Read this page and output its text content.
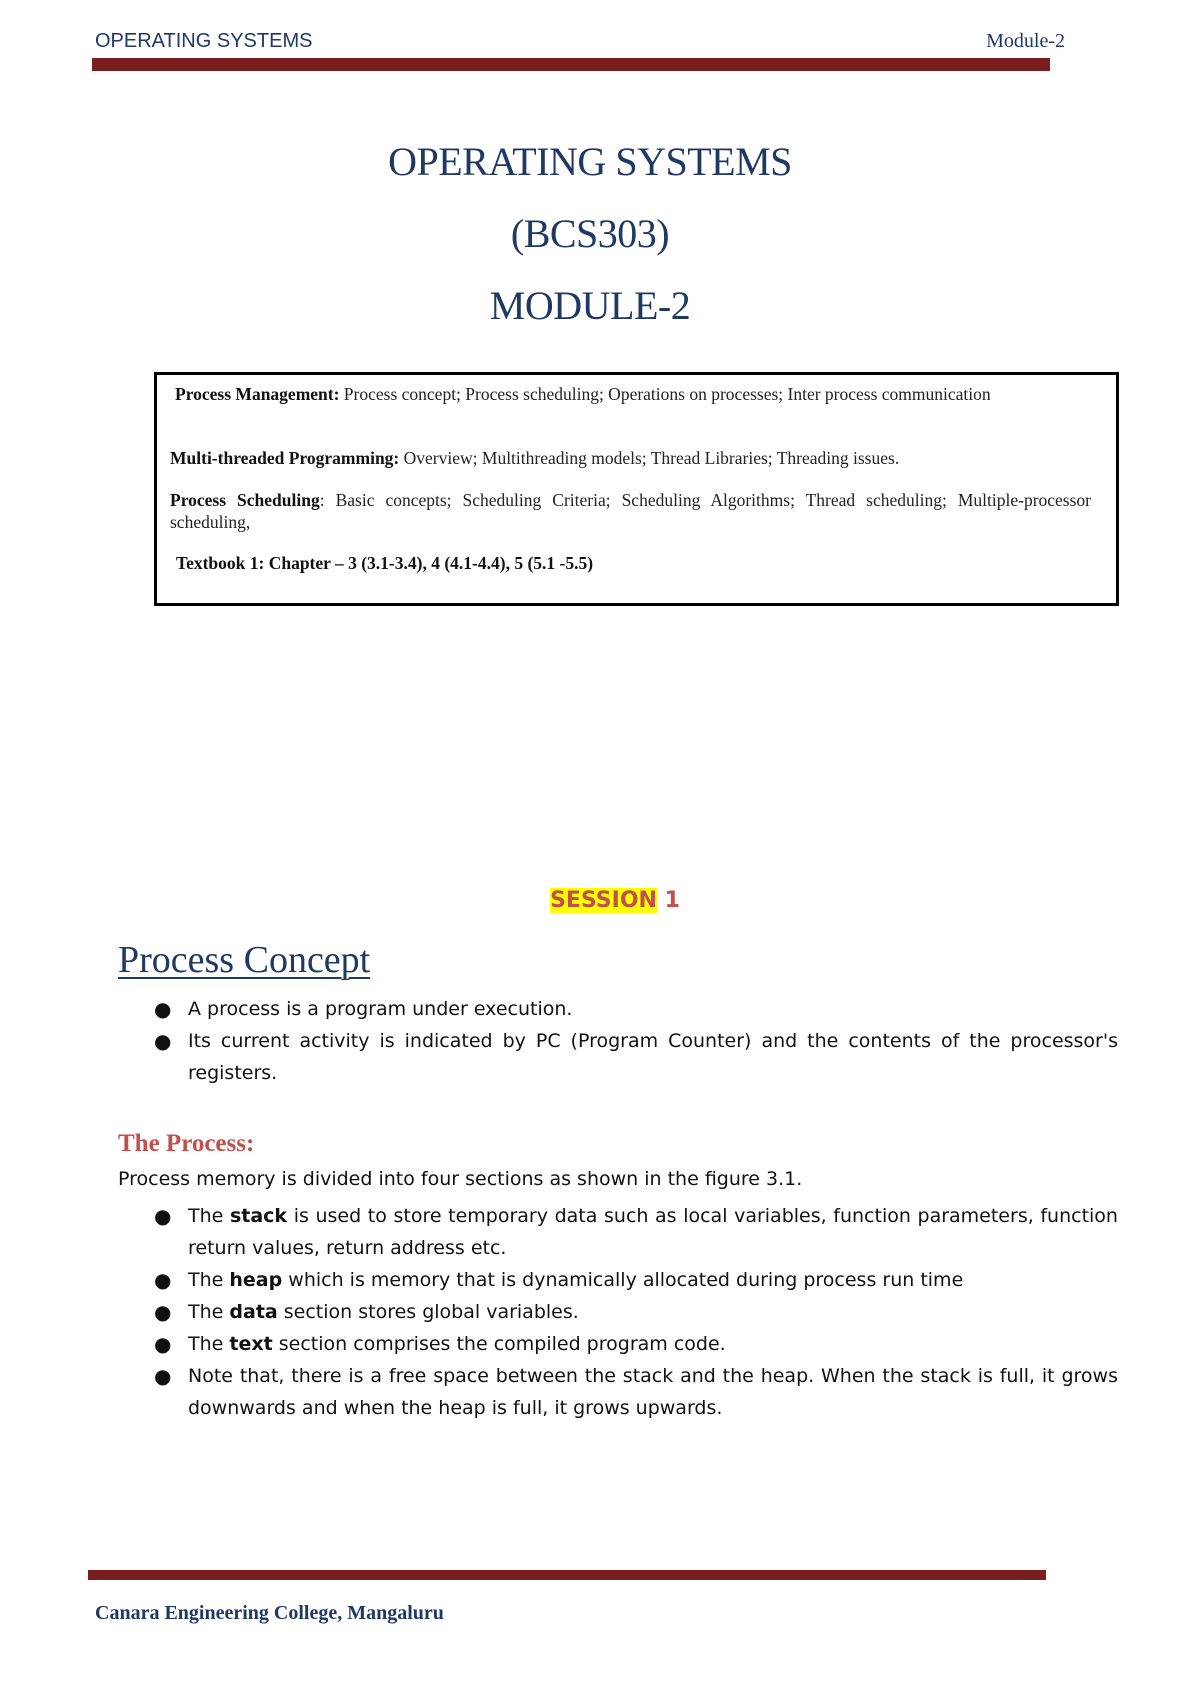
OPERATING SYSTEMS	Module-2
OPERATING SYSTEMS
(BCS303)
MODULE-2
Process Management: Process concept; Process scheduling; Operations on processes; Inter process communication
Multi-threaded Programming: Overview; Multithreading models; Thread Libraries; Threading issues.
Process Scheduling: Basic concepts; Scheduling Criteria; Scheduling Algorithms; Thread scheduling; Multiple-processor scheduling,
Textbook 1: Chapter – 3 (3.1-3.4), 4 (4.1-4.4), 5 (5.1 -5.5)
SESSION 1
Process Concept
● A process is a program under execution.
● Its current activity is indicated by PC (Program Counter) and the contents of the processor's registers.
The Process:
Process memory is divided into four sections as shown in the figure 3.1.
● The stack is used to store temporary data such as local variables, function parameters, function return values, return address etc.
● The heap which is memory that is dynamically allocated during process run time
● The data section stores global variables.
● The text section comprises the compiled program code.
● Note that, there is a free space between the stack and the heap. When the stack is full, it grows downwards and when the heap is full, it grows upwards.
Canara Engineering College, Mangaluru
